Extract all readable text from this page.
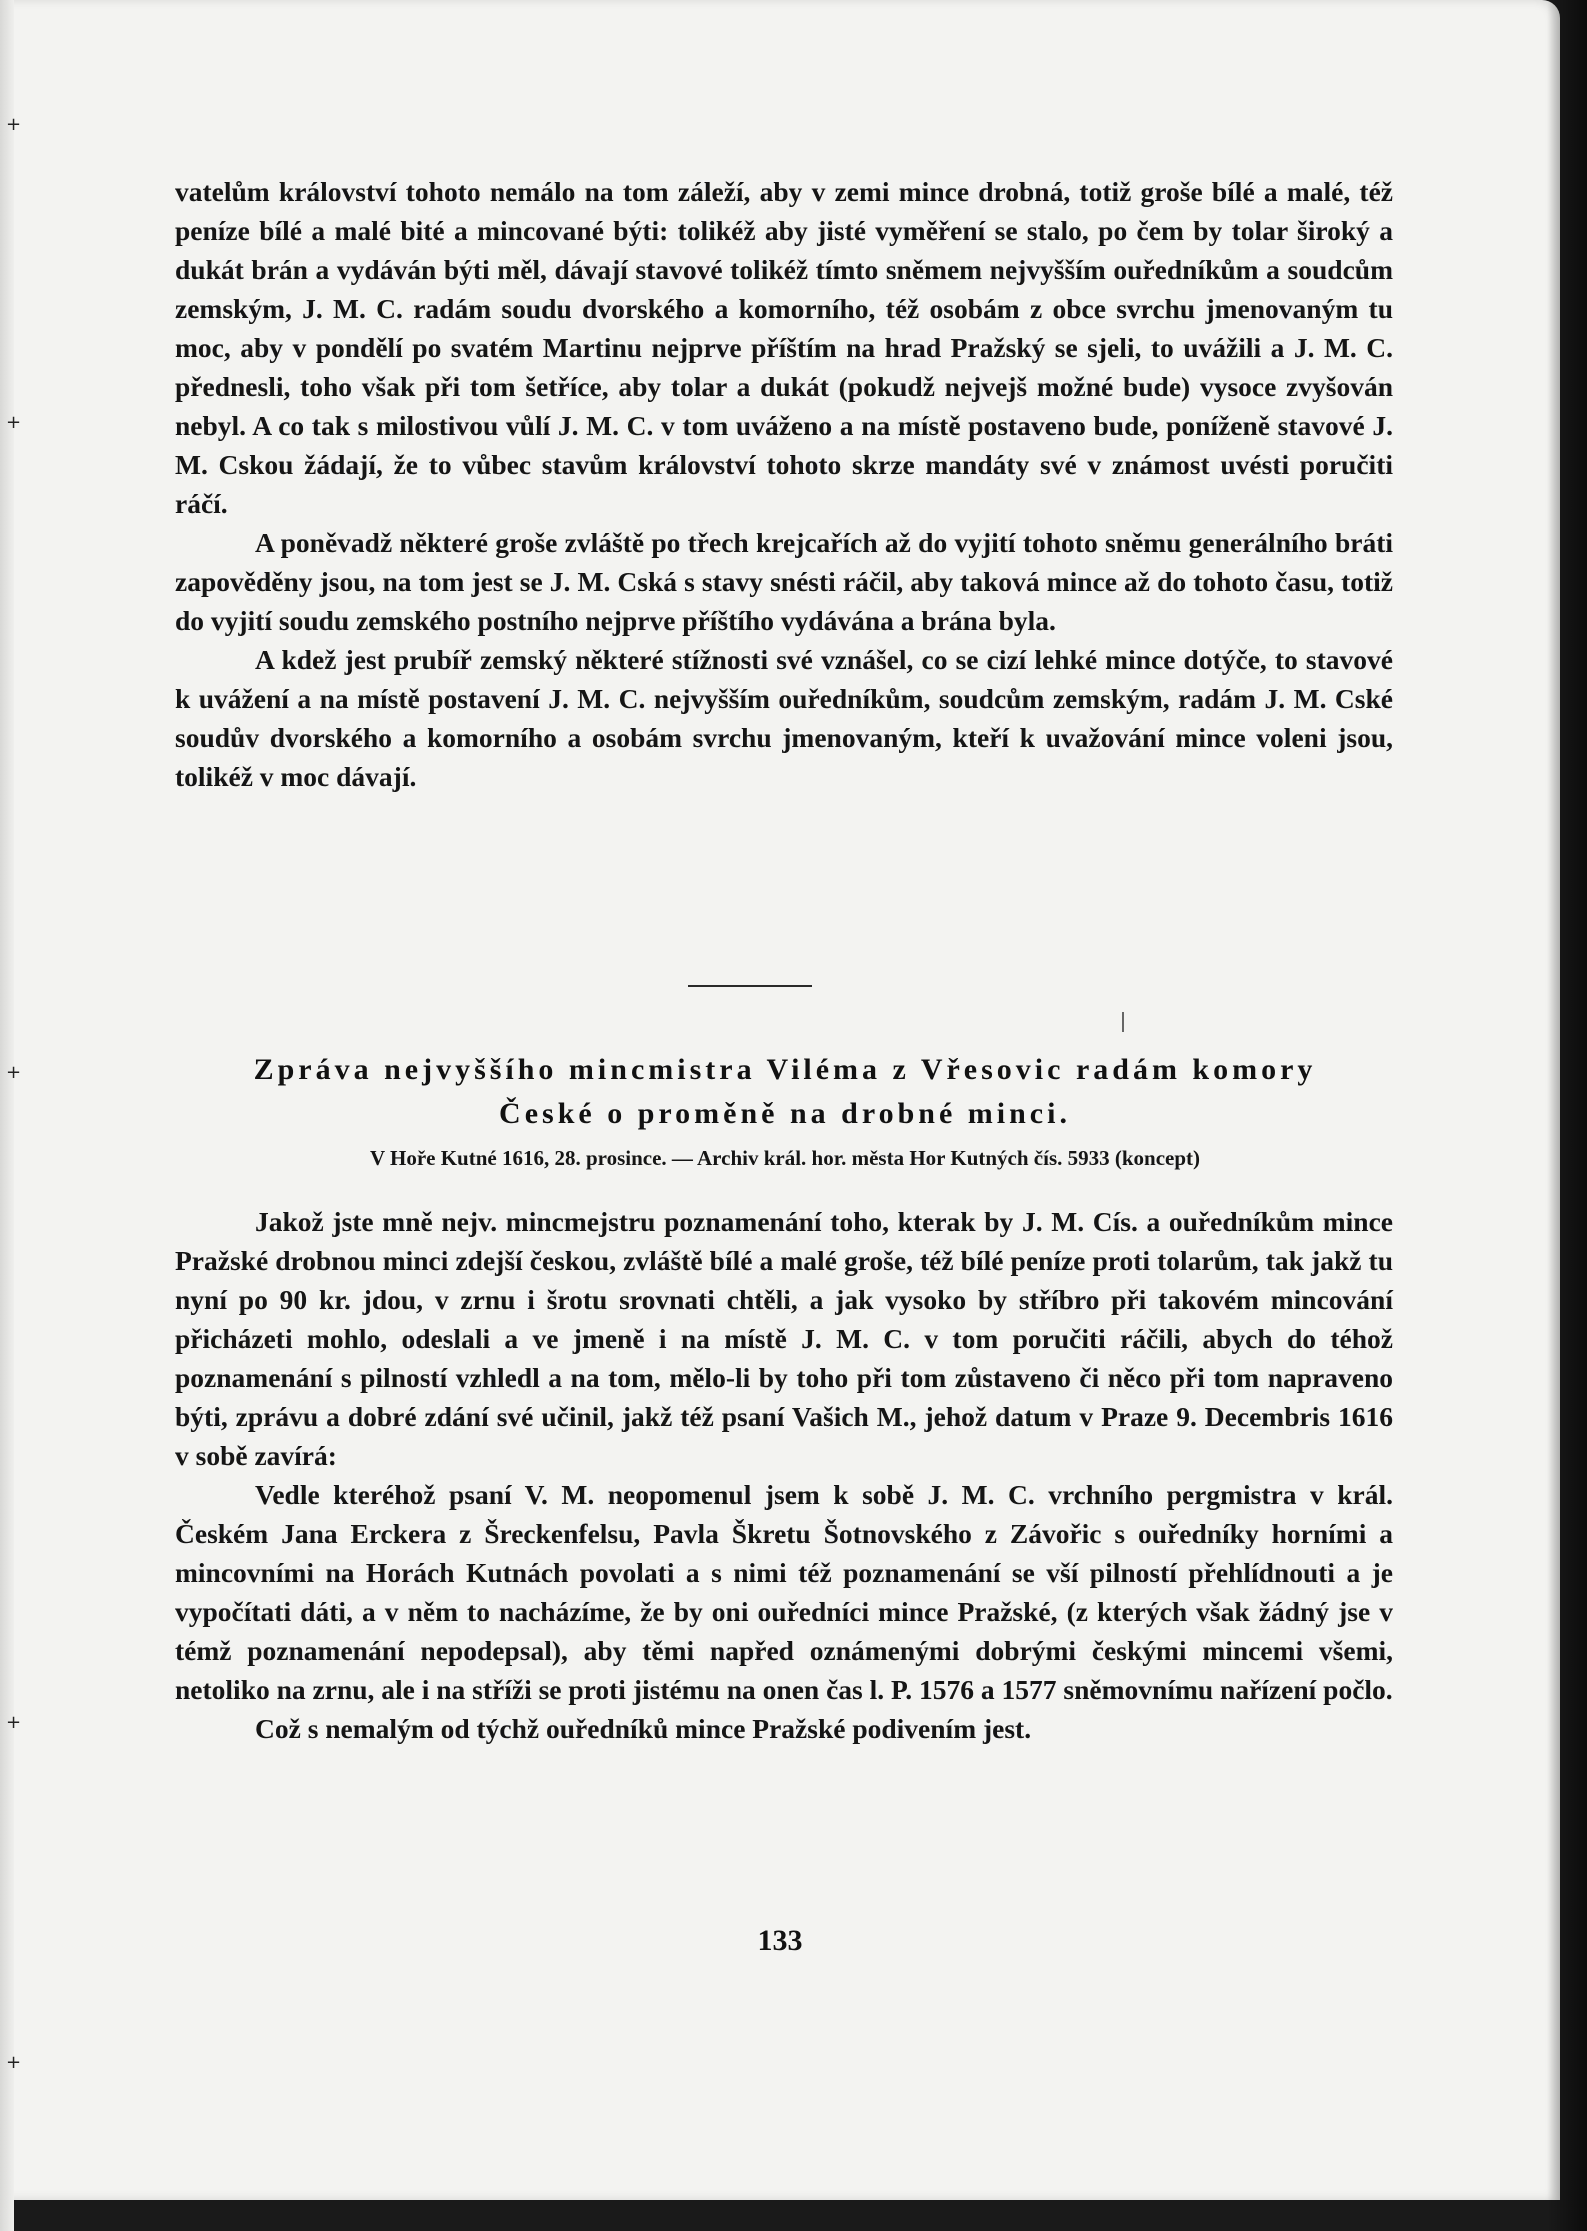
+
+
+
+
+

vatelům království tohoto nemálo na tom záleží, aby v zemi mince drobná, totiž groše bílé a malé, též peníze bílé a malé bité a mincované býti: tolikéž aby jisté vyměření se stalo, po čem by tolar široký a dukát brán a vydáván býti měl, dávají stavové tolikéž tímto sněmem nejvyšším ouředníkům a soudcům zemským, J. M. C. radám soudu dvorského a komorního, též osobám z obce svrchu jmenovaným tu moc, aby v pondělí po svatém Martinu nejprve příštím na hrad Pražský se sjeli, to uvážili a J. M. C. přednesli, toho však při tom šetříce, aby tolar a dukát (pokudž nejvejš možné bude) vysoce zvyšován nebyl. A co tak s milostivou vůlí J. M. C. v tom uváženo a na místě postaveno bude, poníženě stavové J. M. Cskou žádají, že to vůbec stavům království tohoto skrze mandáty své v známost uvésti poručiti ráčí.

A poněvadž některé groše zvláště po třech krejcařích až do vyjití tohoto sněmu generálního bráti zapověděny jsou, na tom jest se J. M. Cská s stavy snésti ráčil, aby taková mince až do tohoto času, totiž do vyjití soudu zemského postního nejprve příštího vydávána a brána byla.

A kdež jest prubíř zemský některé stížnosti své vznášel, co se cizí lehké mince dotýče, to stavové k uvážení a na místě postavení J. M. C. nejvyšším ouředníkům, soudcům zemským, radám J. M. Cské soudův dvorského a komorního a osobám svrchu jmenovaným, kteří k uvažování mince voleni jsou, tolikéž v moc dávají.

Zpráva nejvyššího mincmistra Viléma z Vřesovic radám komory
České o proměně na drobné minci.
V Hoře Kutné 1616, 28. prosince. — Archiv král. hor. města Hor Kutných čís. 5933 (koncept)

Jakož jste mně nejv. mincmejstru poznamenání toho, kterak by J. M. Cís. a ouředníkům mince Pražské drobnou minci zdejší českou, zvláště bílé a malé groše, též bílé peníze proti tolarům, tak jakž tu nyní po 90 kr. jdou, v zrnu i šrotu srovnati chtěli, a jak vysoko by stříbro při takovém mincování přicházeti mohlo, odeslali a ve jmeně i na místě J. M. C. v tom poručiti ráčili, abych do téhož poznamenání s pilností vzhledl a na tom, mělo-li by toho při tom zůstaveno či něco při tom napraveno býti, zprávu a dobré zdání své učinil, jakž též psaní Vašich M., jehož datum v Praze 9. Decembris 1616 v sobě zavírá:

Vedle kteréhož psaní V. M. neopomenul jsem k sobě J. M. C. vrchního pergmistra v král. Českém Jana Erckera z Šreckenfelsu, Pavla Škretu Šotnovského z Závořic s ouředníky horními a mincovními na Horách Kutnách povolati a s nimi též poznamenání se vší pilností přehlídnouti a je vypočítati dáti, a v něm to nacházíme, že by oni ouředníci mince Pražské, (z kterých však žádný jse v témž poznamenání nepodepsal), aby těmi napřed oznámenými dobrými českými mincemi všemi, netoliko na zrnu, ale i na stříži se proti jistému na onen čas l. P. 1576 a 1577 sněmovnímu nařízení počlo.

Což s nemalým od týchž ouředníků mince Pražské podivením jest.

133
